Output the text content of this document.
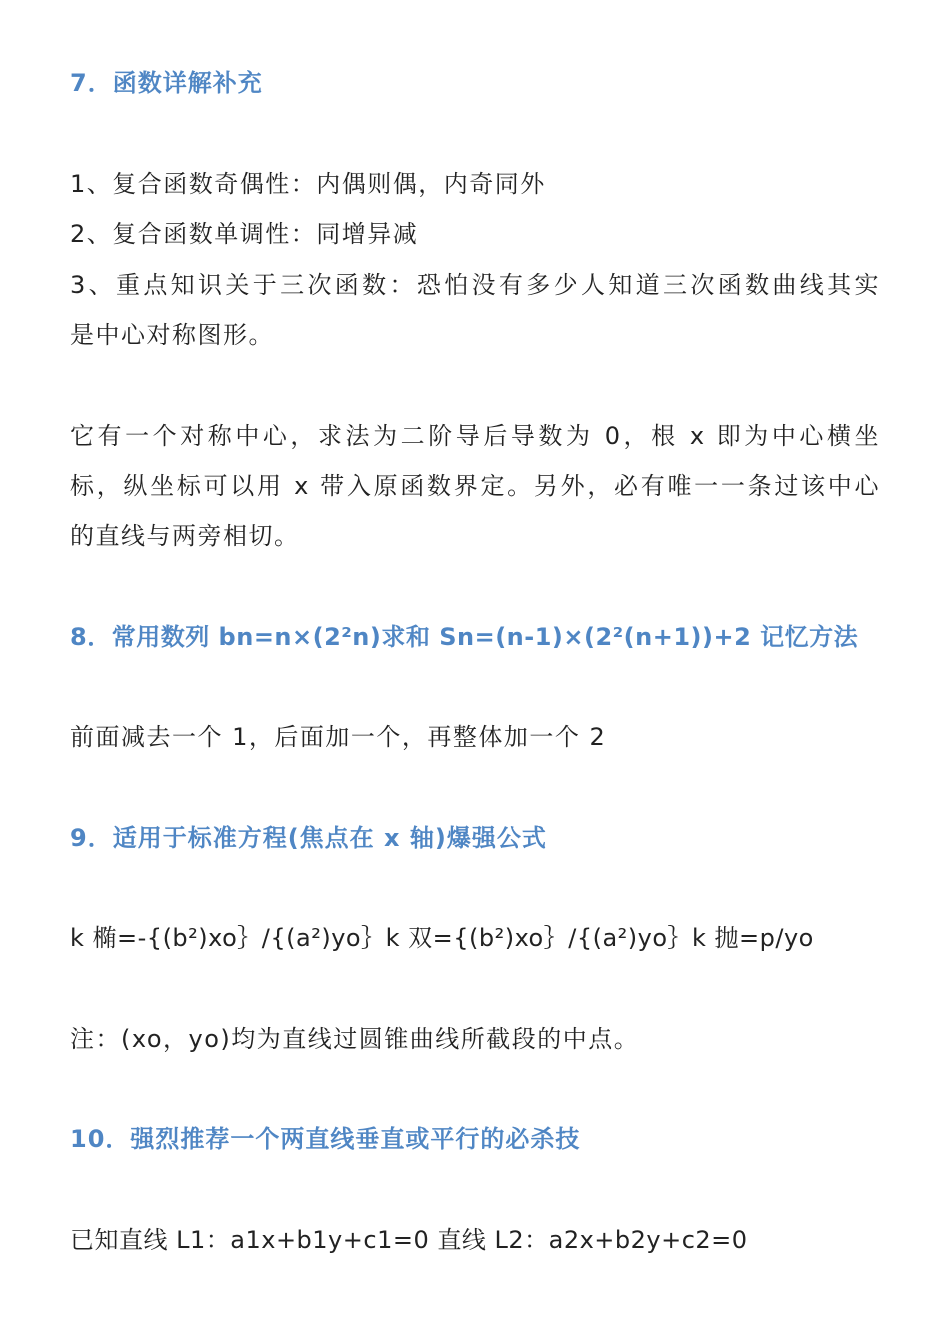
7．函数详解补充
1、复合函数奇偶性：内偶则偶，内奇同外
2、复合函数单调性：同增异减
3、重点知识关于三次函数：恐怕没有多少人知道三次函数曲线其实
是中心对称图形。
它有一个对称中心，求法为二阶导后导数为 0，根 x 即为中心横坐
标，纵坐标可以用 x 带入原函数界定。另外，必有唯一一条过该中心
的直线与两旁相切。
8．常用数列 bn=n×(2²n)求和 Sn=(n-1)×(2²(n+1))+2 记忆方法
前面减去一个 1，后面加一个，再整体加一个 2
9．适用于标准方程(焦点在 x 轴)爆强公式
k 椭=-{(b²)xo｝/{(a²)yo｝k 双={(b²)xo｝/{(a²)yo｝k 抛=p/yo
注：(xo，yo)均为直线过圆锥曲线所截段的中点。
10．强烈推荐一个两直线垂直或平行的必杀技
已知直线 L1：a1x+b1y+c1=0 直线 L2：a2x+b2y+c2=0
